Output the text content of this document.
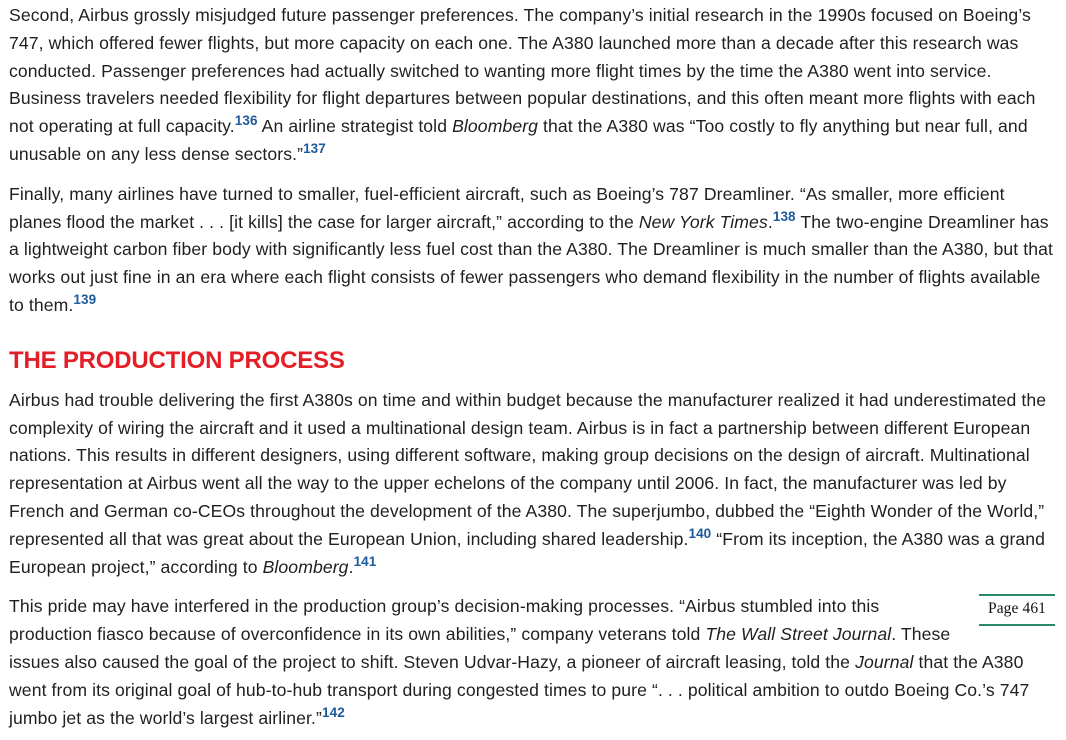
Second, Airbus grossly misjudged future passenger preferences. The company’s initial research in the 1990s focused on Boeing’s 747, which offered fewer flights, but more capacity on each one. The A380 launched more than a decade after this research was conducted. Passenger preferences had actually switched to wanting more flight times by the time the A380 went into service. Business travelers needed flexibility for flight departures between popular destinations, and this often meant more flights with each not operating at full capacity.$^{136}$ An airline strategist told Bloomberg that the A380 was “Too costly to fly anything but near full, and unusable on any less dense sectors.”$^{137}$

Finally, many airlines have turned to smaller, fuel-efficient aircraft, such as Boeing’s 787 Dreamliner. “As smaller, more efficient planes flood the market . . . [it kills] the case for larger aircraft,” according to the New York Times.$^{138}$ The two-engine Dreamliner has a lightweight carbon fiber body with significantly less fuel cost than the A380. The Dreamliner is much smaller than the A380, but that works out just fine in an era where each flight consists of fewer passengers who demand flexibility in the number of flights available to them.$^{139}$

THE PRODUCTION PROCESS

Airbus had trouble delivering the first A380s on time and within budget because the manufacturer realized it had underestimated the complexity of wiring the aircraft and it used a multinational design team. Airbus is in fact a partnership between different European nations. This results in different designers, using different software, making group decisions on the design of aircraft. Multinational representation at Airbus went all the way to the upper echelons of the company until 2006. In fact, the manufacturer was led by French and German co-CEOs throughout the development of the A380. The superjumbo, dubbed the “Eighth Wonder of the World,” represented all that was great about the European Union, including shared leadership.$^{140}$ “From its inception, the A380 was a grand European project,” according to Bloomberg.$^{141}$

Page 461
This pride may have interfered in the production group’s decision-making processes. “Airbus stumbled into this production fiasco because of overconfidence in its own abilities,” company veterans told The Wall Street Journal. These issues also caused the goal of the project to shift. Steven Udvar-Hazy, a pioneer of aircraft leasing, told the Journal that the A380 went from its original goal of hub-to-hub transport during congested times to pure “. . . political ambition to outdo Boeing Co.’s 747 jumbo jet as the world’s largest airliner.”$^{142}$
